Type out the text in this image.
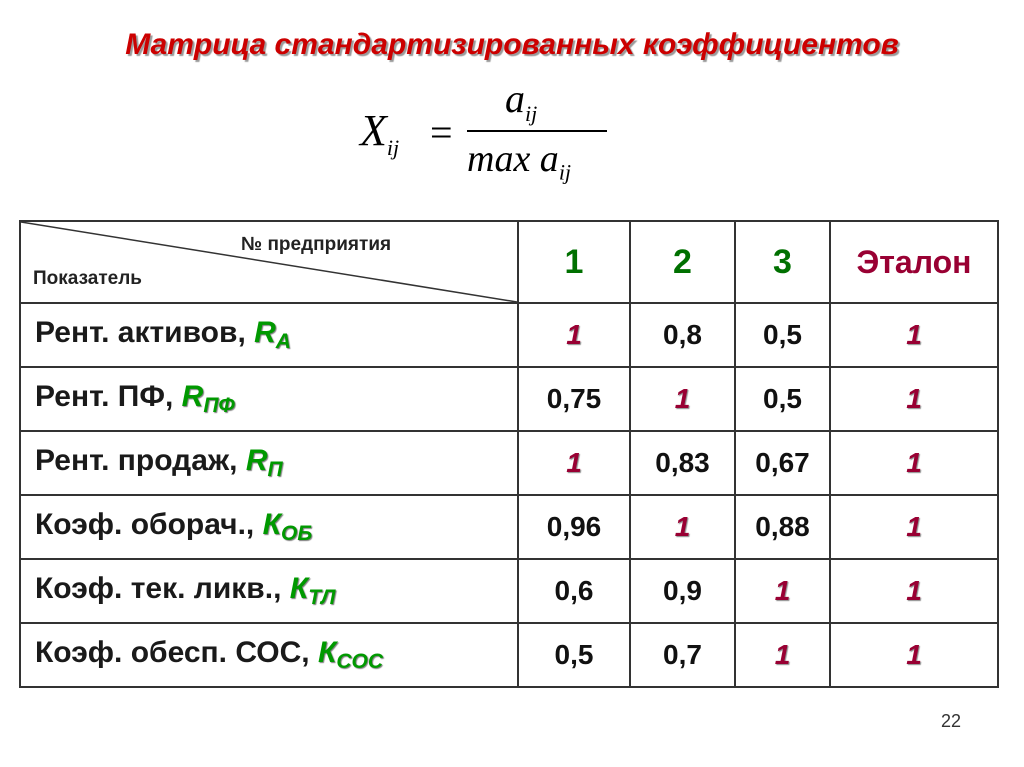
Матрица стандартизированных коэффициентов
$X_{ij}$ =
$a_{ij}$
$\max a_{ij}$
№ предприятия
Показатель	1	2	3	Эталон
Рент. активов, $R_А$	1	0,8	0,5	1
Рент. ПФ, $R_{ПФ}$	0,75	1	0,5	1
Рент. продаж, $R_П$	1	0,83	0,67	1
Коэф. оборач., $К_{ОБ}$	0,96	1	0,88	1
Коэф. тек. ликв., $К_{ТЛ}$	0,6	0,9	1	1
Коэф. обесп. СОС, $К_{СОС}$	0,5	0,7	1	1
22
